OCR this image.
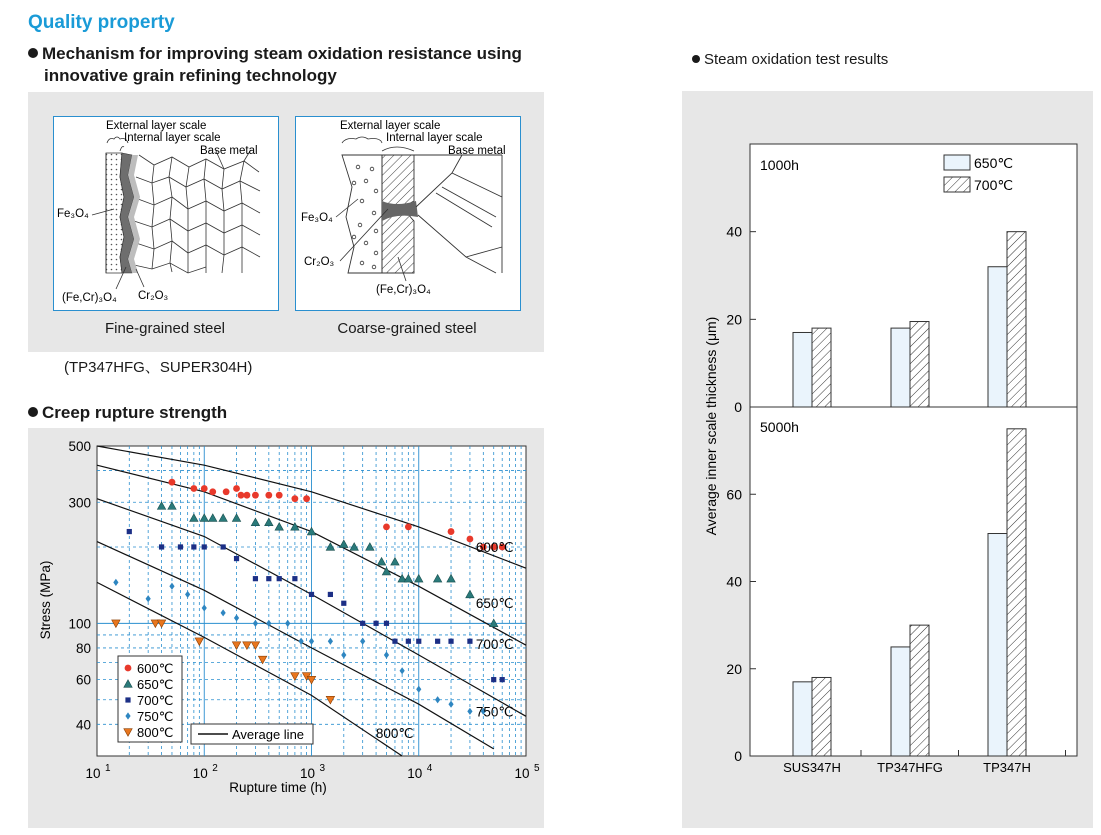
Quality property
Mechanism for improving steam oxidation resistance using
innovative grain refining technology
External layer scale
Internal layer scale
Base metal
Fe₃O₄
(Fe,Cr)₃O₄ Cr₂O₃
Fine-grained steel
External layer scale
Internal layer scale
Base metal
Fe₃O₄
Cr₂O₃
(Fe,Cr)₃O₄
Coarse-grained steel
(TP347HFG、SUPER304H)
Creep rupture strength
40
60
80
100
300
500
10 1	10 2	10 3	10 4	10 5
600℃
650℃
700℃
750℃
800℃
600℃
650℃
700℃
750℃
800℃	Average line
Rupture time (h)
Stress (MPa)
Steam oxidation test results
0
20
40
0
20
40
60
SUS347H	TP347HFG	TP347H
1000h
5000h
650℃
700℃
Average inner scale thickness (μm)
